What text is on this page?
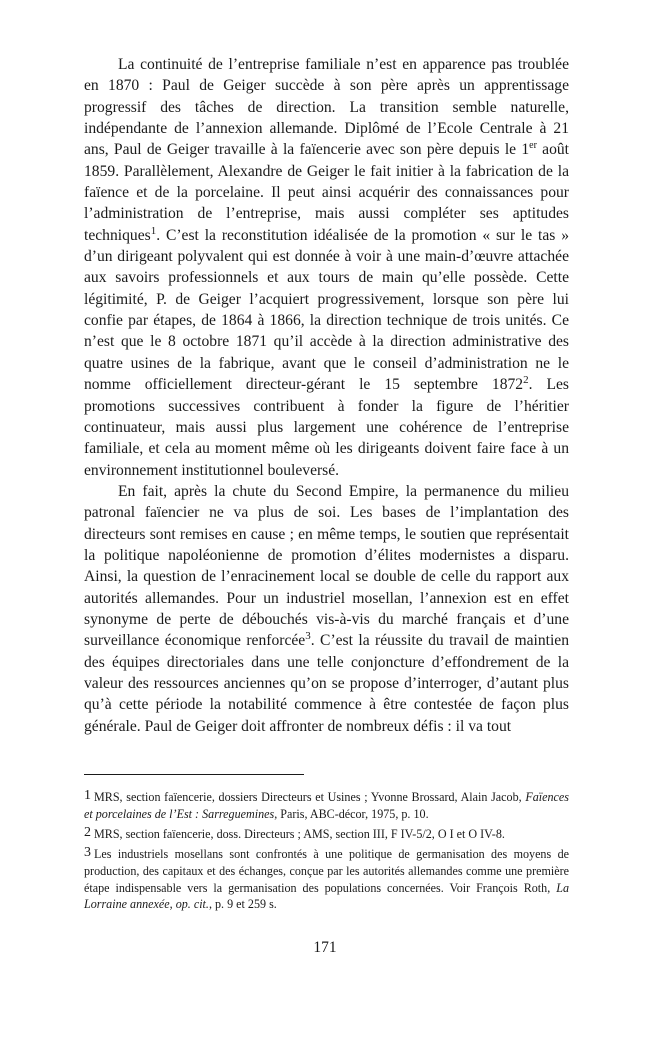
La continuité de l’entreprise familiale n’est en apparence pas troublée en 1870 : Paul de Geiger succède à son père après un apprentissage progressif des tâches de direction. La transition semble naturelle, indépendante de l’annexion allemande. Diplômé de l’Ecole Centrale à 21 ans, Paul de Geiger travaille à la faïencerie avec son père depuis le 1er août 1859. Parallèlement, Alexandre de Geiger le fait initier à la fabrication de la faïence et de la porcelaine. Il peut ainsi acquérir des connaissances pour l’administration de l’entreprise, mais aussi compléter ses aptitudes techniques$^1$. C’est la reconstitution idéalisée de la promotion « sur le tas » d’un dirigeant polyvalent qui est donnée à voir à une main-d’œuvre attachée aux savoirs professionnels et aux tours de main qu’elle possède. Cette légitimité, P. de Geiger l’acquiert progressivement, lorsque son père lui confie par étapes, de 1864 à 1866, la direction technique de trois unités. Ce n’est que le 8 octobre 1871 qu’il accède à la direction administrative des quatre usines de la fabrique, avant que le conseil d’administration ne le nomme officiellement directeur-gérant le 15 septembre 1872$^2$. Les promotions successives contribuent à fonder la figure de l’héritier continuateur, mais aussi plus largement une cohérence de l’entreprise familiale, et cela au moment même où les dirigeants doivent faire face à un environnement institutionnel bouleversé.

En fait, après la chute du Second Empire, la permanence du milieu patronal faïencier ne va plus de soi. Les bases de l’implantation des directeurs sont remises en cause ; en même temps, le soutien que représentait la politique napoléonienne de promotion d’élites modernistes a disparu. Ainsi, la question de l’enracinement local se double de celle du rapport aux autorités allemandes. Pour un industriel mosellan, l’annexion est en effet synonyme de perte de débouchés vis-à-vis du marché français et d’une surveillance économique renforcée$^3$. C’est la réussite du travail de maintien des équipes directoriales dans une telle conjoncture d’effondrement de la valeur des ressources anciennes qu’on se propose d’interroger, d’autant plus qu’à cette période la notabilité commence à être contestée de façon plus générale. Paul de Geiger doit affronter de nombreux défis : il va tout

1 MRS, section faïencerie, dossiers Directeurs et Usines ; Yvonne Brossard, Alain Jacob, Faïences et porcelaines de l’Est : Sarreguemines, Paris, ABC-décor, 1975, p. 10.

2 MRS, section faïencerie, doss. Directeurs ; AMS, section III, F IV-5/2, O I et O IV-8.

3 Les industriels mosellans sont confrontés à une politique de germanisation des moyens de production, des capitaux et des échanges, conçue par les autorités allemandes comme une première étape indispensable vers la germanisation des populations concernées. Voir François Roth, La Lorraine annexée, op. cit., p. 9 et 259 s.

171
